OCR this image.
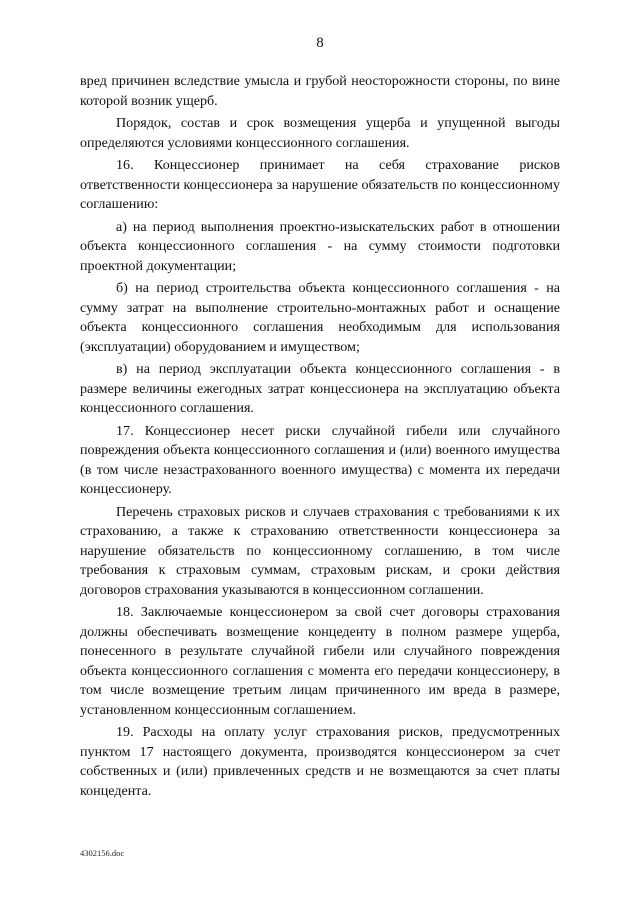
8

вред причинен вследствие умысла и грубой неосторожности стороны, по вине которой возник ущерб.

Порядок, состав и срок возмещения ущерба и упущенной выгоды определяются условиями концессионного соглашения.

16. Концессионер принимает на себя страхование рисков ответственности концессионера за нарушение обязательств по концессионному соглашению:

а) на период выполнения проектно-изыскательских работ в отношении объекта концессионного соглашения - на сумму стоимости подготовки проектной документации;

б) на период строительства объекта концессионного соглашения - на сумму затрат на выполнение строительно-монтажных работ и оснащение объекта концессионного соглашения необходимым для использования (эксплуатации) оборудованием и имуществом;

в) на период эксплуатации объекта концессионного соглашения - в размере величины ежегодных затрат концессионера на эксплуатацию объекта концессионного соглашения.

17. Концессионер несет риски случайной гибели или случайного повреждения объекта концессионного соглашения и (или) военного имущества (в том числе незастрахованного военного имущества) с момента их передачи концессионеру.

Перечень страховых рисков и случаев страхования с требованиями к их страхованию, а также к страхованию ответственности концессионера за нарушение обязательств по концессионному соглашению, в том числе требования к страховым суммам, страховым рискам, и сроки действия договоров страхования указываются в концессионном соглашении.

18. Заключаемые концессионером за свой счет договоры страхования должны обеспечивать возмещение концеденту в полном размере ущерба, понесенного в результате случайной гибели или случайного повреждения объекта концессионного соглашения с момента его передачи концессионеру, в том числе возмещение третьим лицам причиненного им вреда в размере, установленном концессионным соглашением.

19. Расходы на оплату услуг страхования рисков, предусмотренных пунктом 17 настоящего документа, производятся концессионером за счет собственных и (или) привлеченных средств и не возмещаются за счет платы концедента.

4302156.doc
